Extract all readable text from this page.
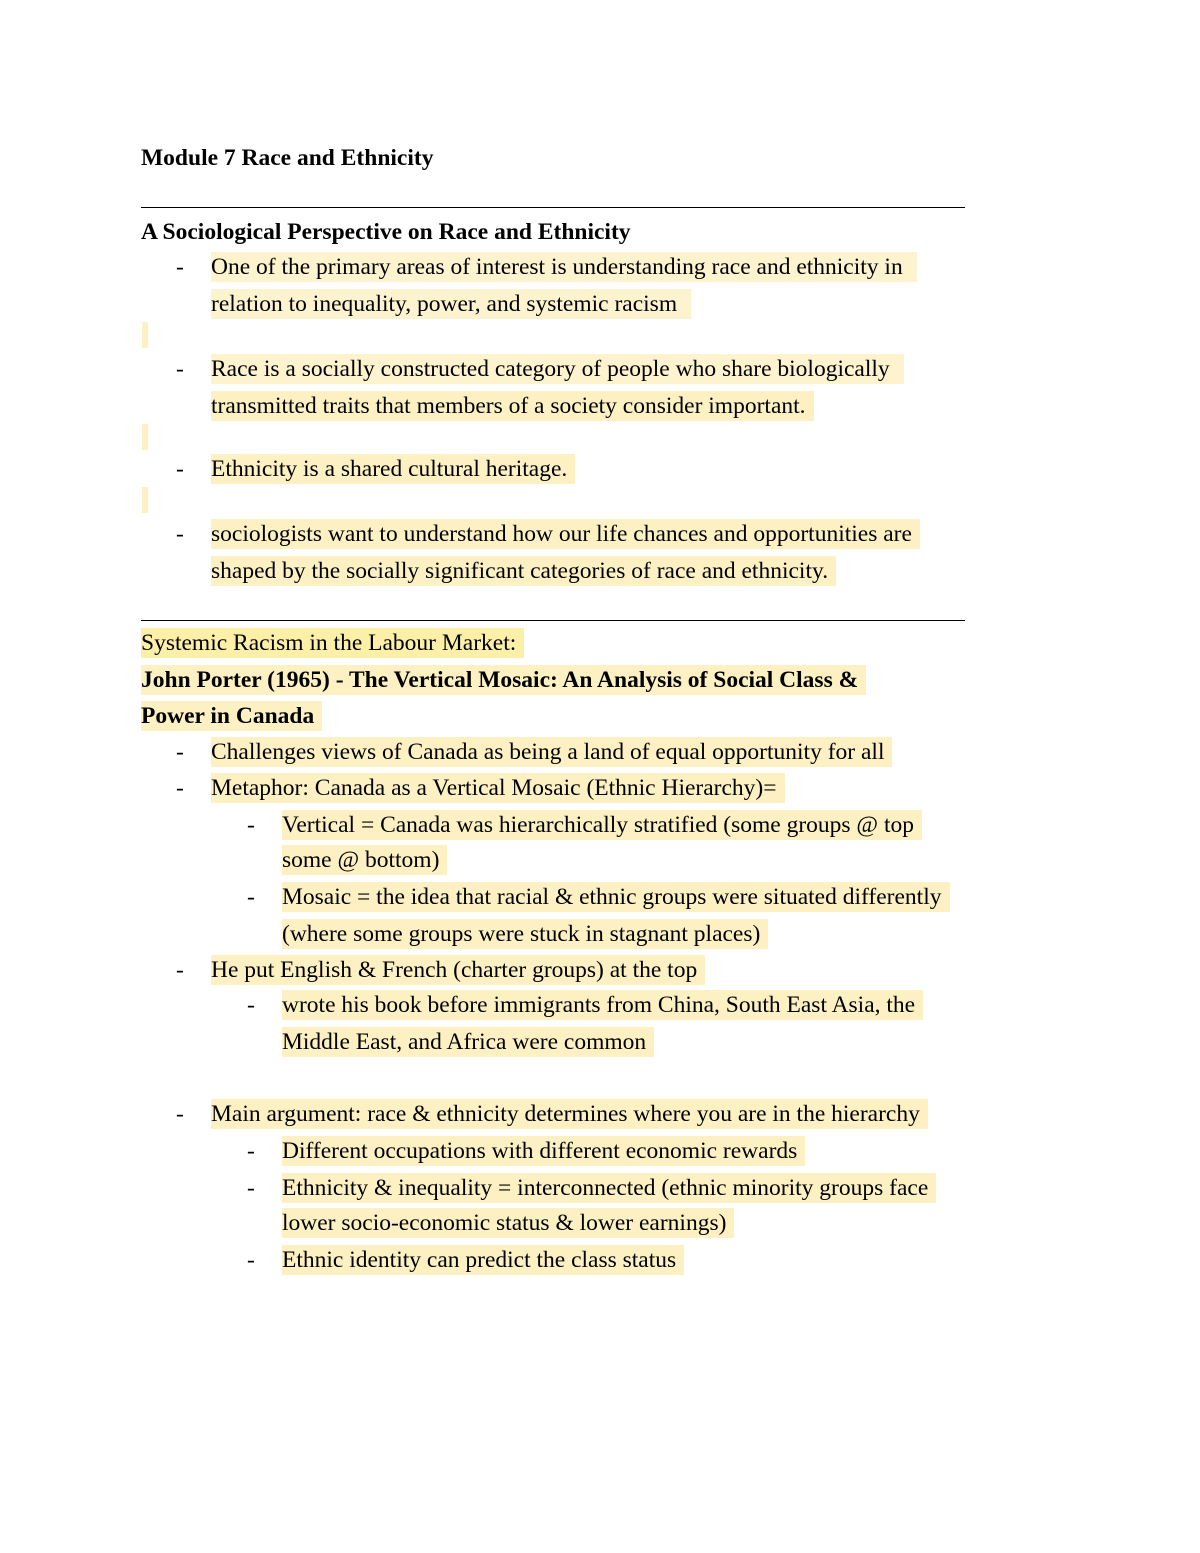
Module 7 Race and Ethnicity
A Sociological Perspective on Race and Ethnicity
- One of the primary areas of interest is understanding race and ethnicity in
relation to inequality, power, and systemic racism
- Race is a socially constructed category of people who share biologically
transmitted traits that members of a society consider important.
- Ethnicity is a shared cultural heritage.
- sociologists want to understand how our life chances and opportunities are
shaped by the socially significant categories of race and ethnicity.
Systemic Racism in the Labour Market:
John Porter (1965) - The Vertical Mosaic: An Analysis of Social Class &
Power in Canada
- Challenges views of Canada as being a land of equal opportunity for all
- Metaphor: Canada as a Vertical Mosaic (Ethnic Hierarchy)=
- Vertical = Canada was hierarchically stratified (some groups @ top
some @ bottom)
- Mosaic = the idea that racial & ethnic groups were situated differently
(where some groups were stuck in stagnant places)
- He put English & French (charter groups) at the top
- wrote his book before immigrants from China, South East Asia, the
Middle East, and Africa were common
- Main argument: race & ethnicity determines where you are in the hierarchy
- Different occupations with different economic rewards
- Ethnicity & inequality = interconnected (ethnic minority groups face
lower socio-economic status & lower earnings)
- Ethnic identity can predict the class status
